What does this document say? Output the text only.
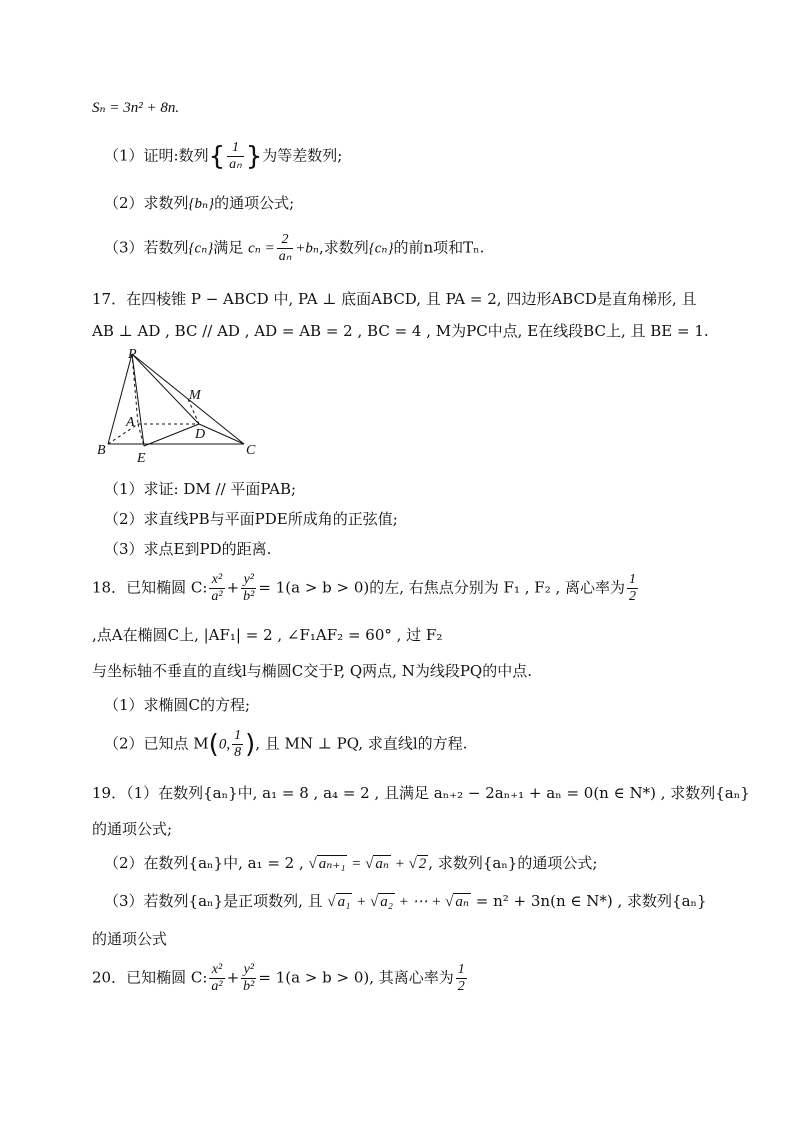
Sₙ = 3n² + 8n.
（1）证明:数列{ $\frac{1}{\text{aₙ}}$ }为等差数列;
（2）求数列{bₙ}的通项公式;
（3）若数列{cₙ}满足 $c_n = \frac{2}{\text{aₙ}} +b_n$,求数列{cₙ}的前n项和Tₙ.
17．在四棱锥 P − ABCD 中, PA ⊥ 底面ABCD, 且 PA = 2, 四边形ABCD是直角梯形, 且
AB ⊥ AD , BC // AD , AD = AB = 2 , BC = 4 , M为PC中点, E在线段BC上, 且 BE = 1.
P
M
A
D
B
E
C
（1）求证: DM // 平面PAB;
（2）求直线PB与平面PDE所成角的正弦值;
（3）求点E到PD的距离.
18．已知椭圆 C: $\frac{\text{x²}}{\text{a²}} + \frac{\text{y²}}{\text{b²}} = 1(a > b > 0)$的左, 右焦点分别为 F₁ , F₂ , 离心率为 $\frac{1}{2}$
,点A在椭圆C上, |AF₁| = 2 , ∠F₁AF₂ = 60° , 过 F₂
与坐标轴不垂直的直线l与椭圆C交于P, Q两点, N为线段PQ的中点.
（1）求椭圆C的方程;
（2）已知点 M(0, $\frac{1}{8}$ ), 且 MN ⊥ PQ, 求直线l的方程.
19．（1）在数列{aₙ}中, a₁ = 8 , a₄ = 2 , 且满足 aₙ₊₂ − 2aₙ₊₁ + aₙ = 0(n ∈ N*) , 求数列{aₙ}
的通项公式;
（2）在数列{aₙ}中, a₁ = 2 , √ aₙ₊₁ = √ aₙ + √ 2 , 求数列{aₙ}的通项公式;
（3）若数列{aₙ}是正项数列, 且 √ a₁ + √ a₂ + ⋯ + √ aₙ = n² + 3n(n ∈ N*) , 求数列{aₙ}
的通项公式
20．已知椭圆 C: $\frac{\text{x²}}{\text{a²}} + \frac{\text{y²}}{\text{b²}} = 1(a > b > 0)$, 其离心率为 $\frac{1}{2}$
